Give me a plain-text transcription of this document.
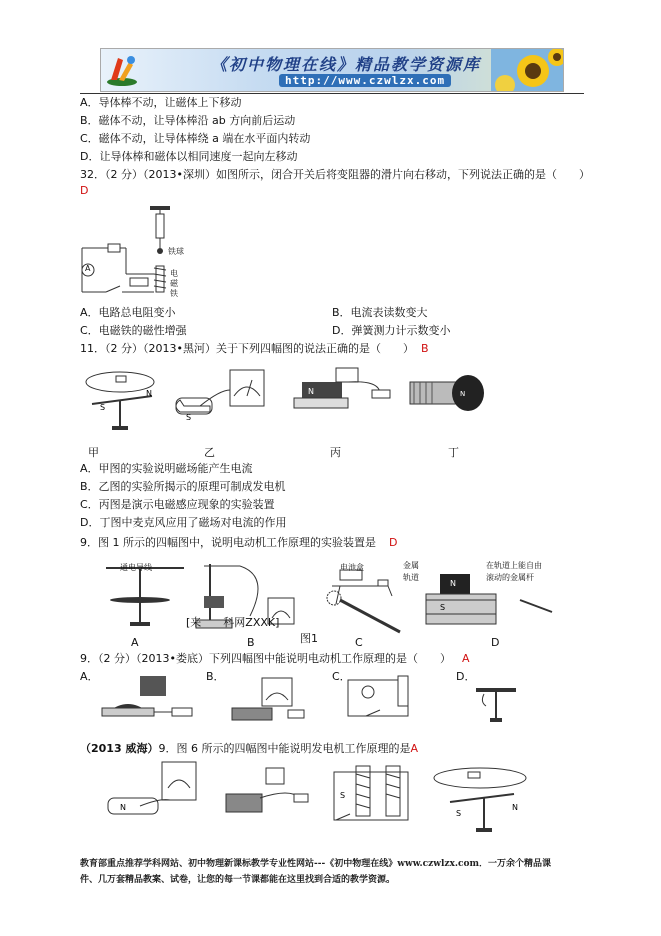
《初中物理在线》精品教学资源库
http://www.czwlzx.com
A．导体棒不动，让磁体上下移动
B．磁体不动，让导体棒沿 ab 方向前后运动
C．磁体不动，让导体棒绕 a 端在水平面内转动
D．让导体棒和磁体以相同速度一起向左移动
32．（2 分）（2013•深圳）如图所示，闭合开关后将变阻器的滑片向右移动，下列说法正确的是（　　）
D
铁球
电
磁
铁
A
A．电路总电阻变小	B．电流表读数变大
C．电磁铁的磁性增强	D．弹簧测力计示数变小
11．（2 分）（2013•黑河）关于下列四幅图的说法正确的是（　　） B
S
N
S
N	N
甲	乙	丙	丁
A．甲图的实验说明磁场能产生电流
B．乙图的实验所揭示的原理可制成发电机
C．丙图是演示电磁感应现象的实验装置
D．丁图中麦克风应用了磁场对电流的作用
9．图 1 所示的四幅图中，说明电动机工作原理的实验装置是 D
N
S
通电导线	电池盒	金属
轨道
在轨道上能自由
滚动的金属杆
[来　　科网ZXXK]
图1
A	B	C	D
9．（2 分）（2013•娄底）下列四幅图中能说明电动机工作原理的是（　　） A
A．	B．	C．	D．
（2013 威海）9．图 6 所示的四幅图中能说明发电机工作原理的是A
N
S
S
N
教育部重点推荐学科网站、初中物理新课标教学专业性网站---《初中物理在线》www.czwlzx.com．一万余个精品课
件、几万套精品教案、试卷，让您的每一节课都能在这里找到合适的教学资源。
